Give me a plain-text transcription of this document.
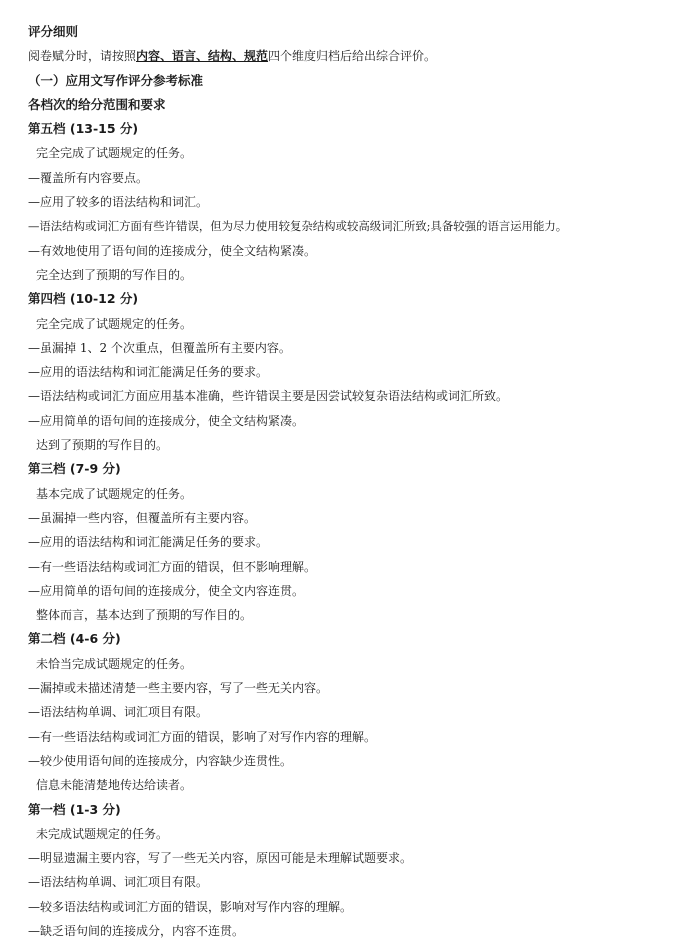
评分细则
阅卷赋分时，请按照内容、语言、结构、规范四个维度归档后给出综合评价。
（一）应用文写作评分参考标准
各档次的给分范围和要求
第五档 (13-15 分)
完全完成了试题规定的任务。
—覆盖所有内容要点。
—应用了较多的语法结构和词汇。
—语法结构或词汇方面有些许错误，但为尽力使用较复杂结构或较高级词汇所致;具备较强的语言运用能力。
—有效地使用了语句间的连接成分，使全文结构紧凑。
完全达到了预期的写作目的。
第四档 (10-12 分)
完全完成了试题规定的任务。
—虽漏掉 1、2 个次重点，但覆盖所有主要内容。
—应用的语法结构和词汇能满足任务的要求。
—语法结构或词汇方面应用基本准确，些许错误主要是因尝试较复杂语法结构或词汇所致。
—应用简单的语句间的连接成分，使全文结构紧凑。
达到了预期的写作目的。
第三档 (7-9 分)
基本完成了试题规定的任务。
—虽漏掉一些内容，但覆盖所有主要内容。
—应用的语法结构和词汇能满足任务的要求。
—有一些语法结构或词汇方面的错误，但不影响理解。
—应用简单的语句间的连接成分，使全文内容连贯。
整体而言，基本达到了预期的写作目的。
第二档 (4-6 分)
未恰当完成试题规定的任务。
—漏掉或未描述清楚一些主要内容，写了一些无关内容。
—语法结构单调、词汇项目有限。
—有一些语法结构或词汇方面的错误，影响了对写作内容的理解。
—较少使用语句间的连接成分，内容缺少连贯性。
信息未能清楚地传达给读者。
第一档 (1-3 分)
未完成试题规定的任务。
—明显遗漏主要内容，写了一些无关内容，原因可能是未理解试题要求。
—语法结构单调、词汇项目有限。
—较多语法结构或词汇方面的错误，影响对写作内容的理解。
—缺乏语句间的连接成分，内容不连贯。
